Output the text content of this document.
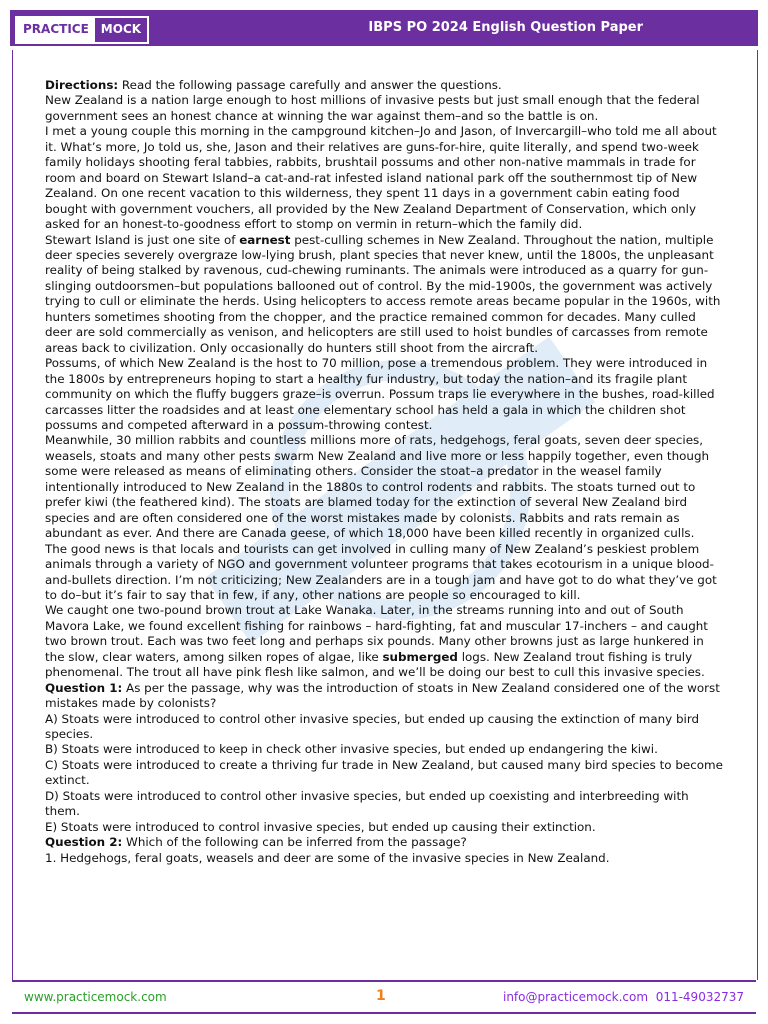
PRACTICE	MOCK	IBPS PO 2024 English Question Paper

Directions: Read the following passage carefully and answer the questions.

New Zealand is a nation large enough to host millions of invasive pests but just small enough that the federal government sees an honest chance at winning the war against them–and so the battle is on.

I met a young couple this morning in the campground kitchen–Jo and Jason, of Invercargill–who told me all about it. What’s more, Jo told us, she, Jason and their relatives are guns-for-hire, quite literally, and spend two-week family holidays shooting feral tabbies, rabbits, brushtail possums and other non-native mammals in trade for room and board on Stewart Island–a cat-and-rat infested island national park off the southernmost tip of New Zealand. On one recent vacation to this wilderness, they spent 11 days in a government cabin eating food bought with government vouchers, all provided by the New Zealand Department of Conservation, which only asked for an honest-to-goodness effort to stomp on vermin in return–which the family did.

Stewart Island is just one site of earnest pest-culling schemes in New Zealand. Throughout the nation, multiple deer species severely overgraze low-lying brush, plant species that never knew, until the 1800s, the unpleasant reality of being stalked by ravenous, cud-chewing ruminants. The animals were introduced as a quarry for gun-slinging outdoorsmen–but populations ballooned out of control. By the mid-1900s, the government was actively trying to cull or eliminate the herds. Using helicopters to access remote areas became popular in the 1960s, with hunters sometimes shooting from the chopper, and the practice remained common for decades. Many culled deer are sold commercially as venison, and helicopters are still used to hoist bundles of carcasses from remote areas back to civilization. Only occasionally do hunters still shoot from the aircraft.

Possums, of which New Zealand is the host to 70 million, pose a tremendous problem. They were introduced in the 1800s by entrepreneurs hoping to start a healthy fur industry, but today the nation–and its fragile plant community on which the fluffy buggers graze–is overrun. Possum traps lie everywhere in the bushes, road-killed carcasses litter the roadsides and at least one elementary school has held a gala in which the children shot possums and competed afterward in a possum-throwing contest.

Meanwhile, 30 million rabbits and countless millions more of rats, hedgehogs, feral goats, seven deer species, weasels, stoats and many other pests swarm New Zealand and live more or less happily together, even though some were released as means of eliminating others. Consider the stoat–a predator in the weasel family intentionally introduced to New Zealand in the 1880s to control rodents and rabbits. The stoats turned out to prefer kiwi (the feathered kind). The stoats are blamed today for the extinction of several New Zealand bird species and are often considered one of the worst mistakes made by colonists. Rabbits and rats remain as abundant as ever. And there are Canada geese, of which 18,000 have been killed recently in organized culls.

The good news is that locals and tourists can get involved in culling many of New Zealand’s peskiest problem animals through a variety of NGO and government volunteer programs that takes ecotourism in a unique blood-and-bullets direction. I’m not criticizing; New Zealanders are in a tough jam and have got to do what they’ve got to do–but it’s fair to say that in few, if any, other nations are people so encouraged to kill.

We caught one two-pound brown trout at Lake Wanaka. Later, in the streams running into and out of South Mavora Lake, we found excellent fishing for rainbows – hard-fighting, fat and muscular 17-inchers – and caught two brown trout. Each was two feet long and perhaps six pounds. Many other browns just as large hunkered in the slow, clear waters, among silken ropes of algae, like submerged logs. New Zealand trout fishing is truly phenomenal. The trout all have pink flesh like salmon, and we’ll be doing our best to cull this invasive species.

Question 1: As per the passage, why was the introduction of stoats in New Zealand considered one of the worst mistakes made by colonists?

A) Stoats were introduced to control other invasive species, but ended up causing the extinction of many bird species.

B) Stoats were introduced to keep in check other invasive species, but ended up endangering the kiwi.

C) Stoats were introduced to create a thriving fur trade in New Zealand, but caused many bird species to become extinct.

D) Stoats were introduced to control other invasive species, but ended up coexisting and interbreeding with them.

E) Stoats were introduced to control invasive species, but ended up causing their extinction.

Question 2: Which of the following can be inferred from the passage?

1. Hedgehogs, feral goats, weasels and deer are some of the invasive species in New Zealand.

www.practicemock.com	1	info@practicemock.com 011-49032737
